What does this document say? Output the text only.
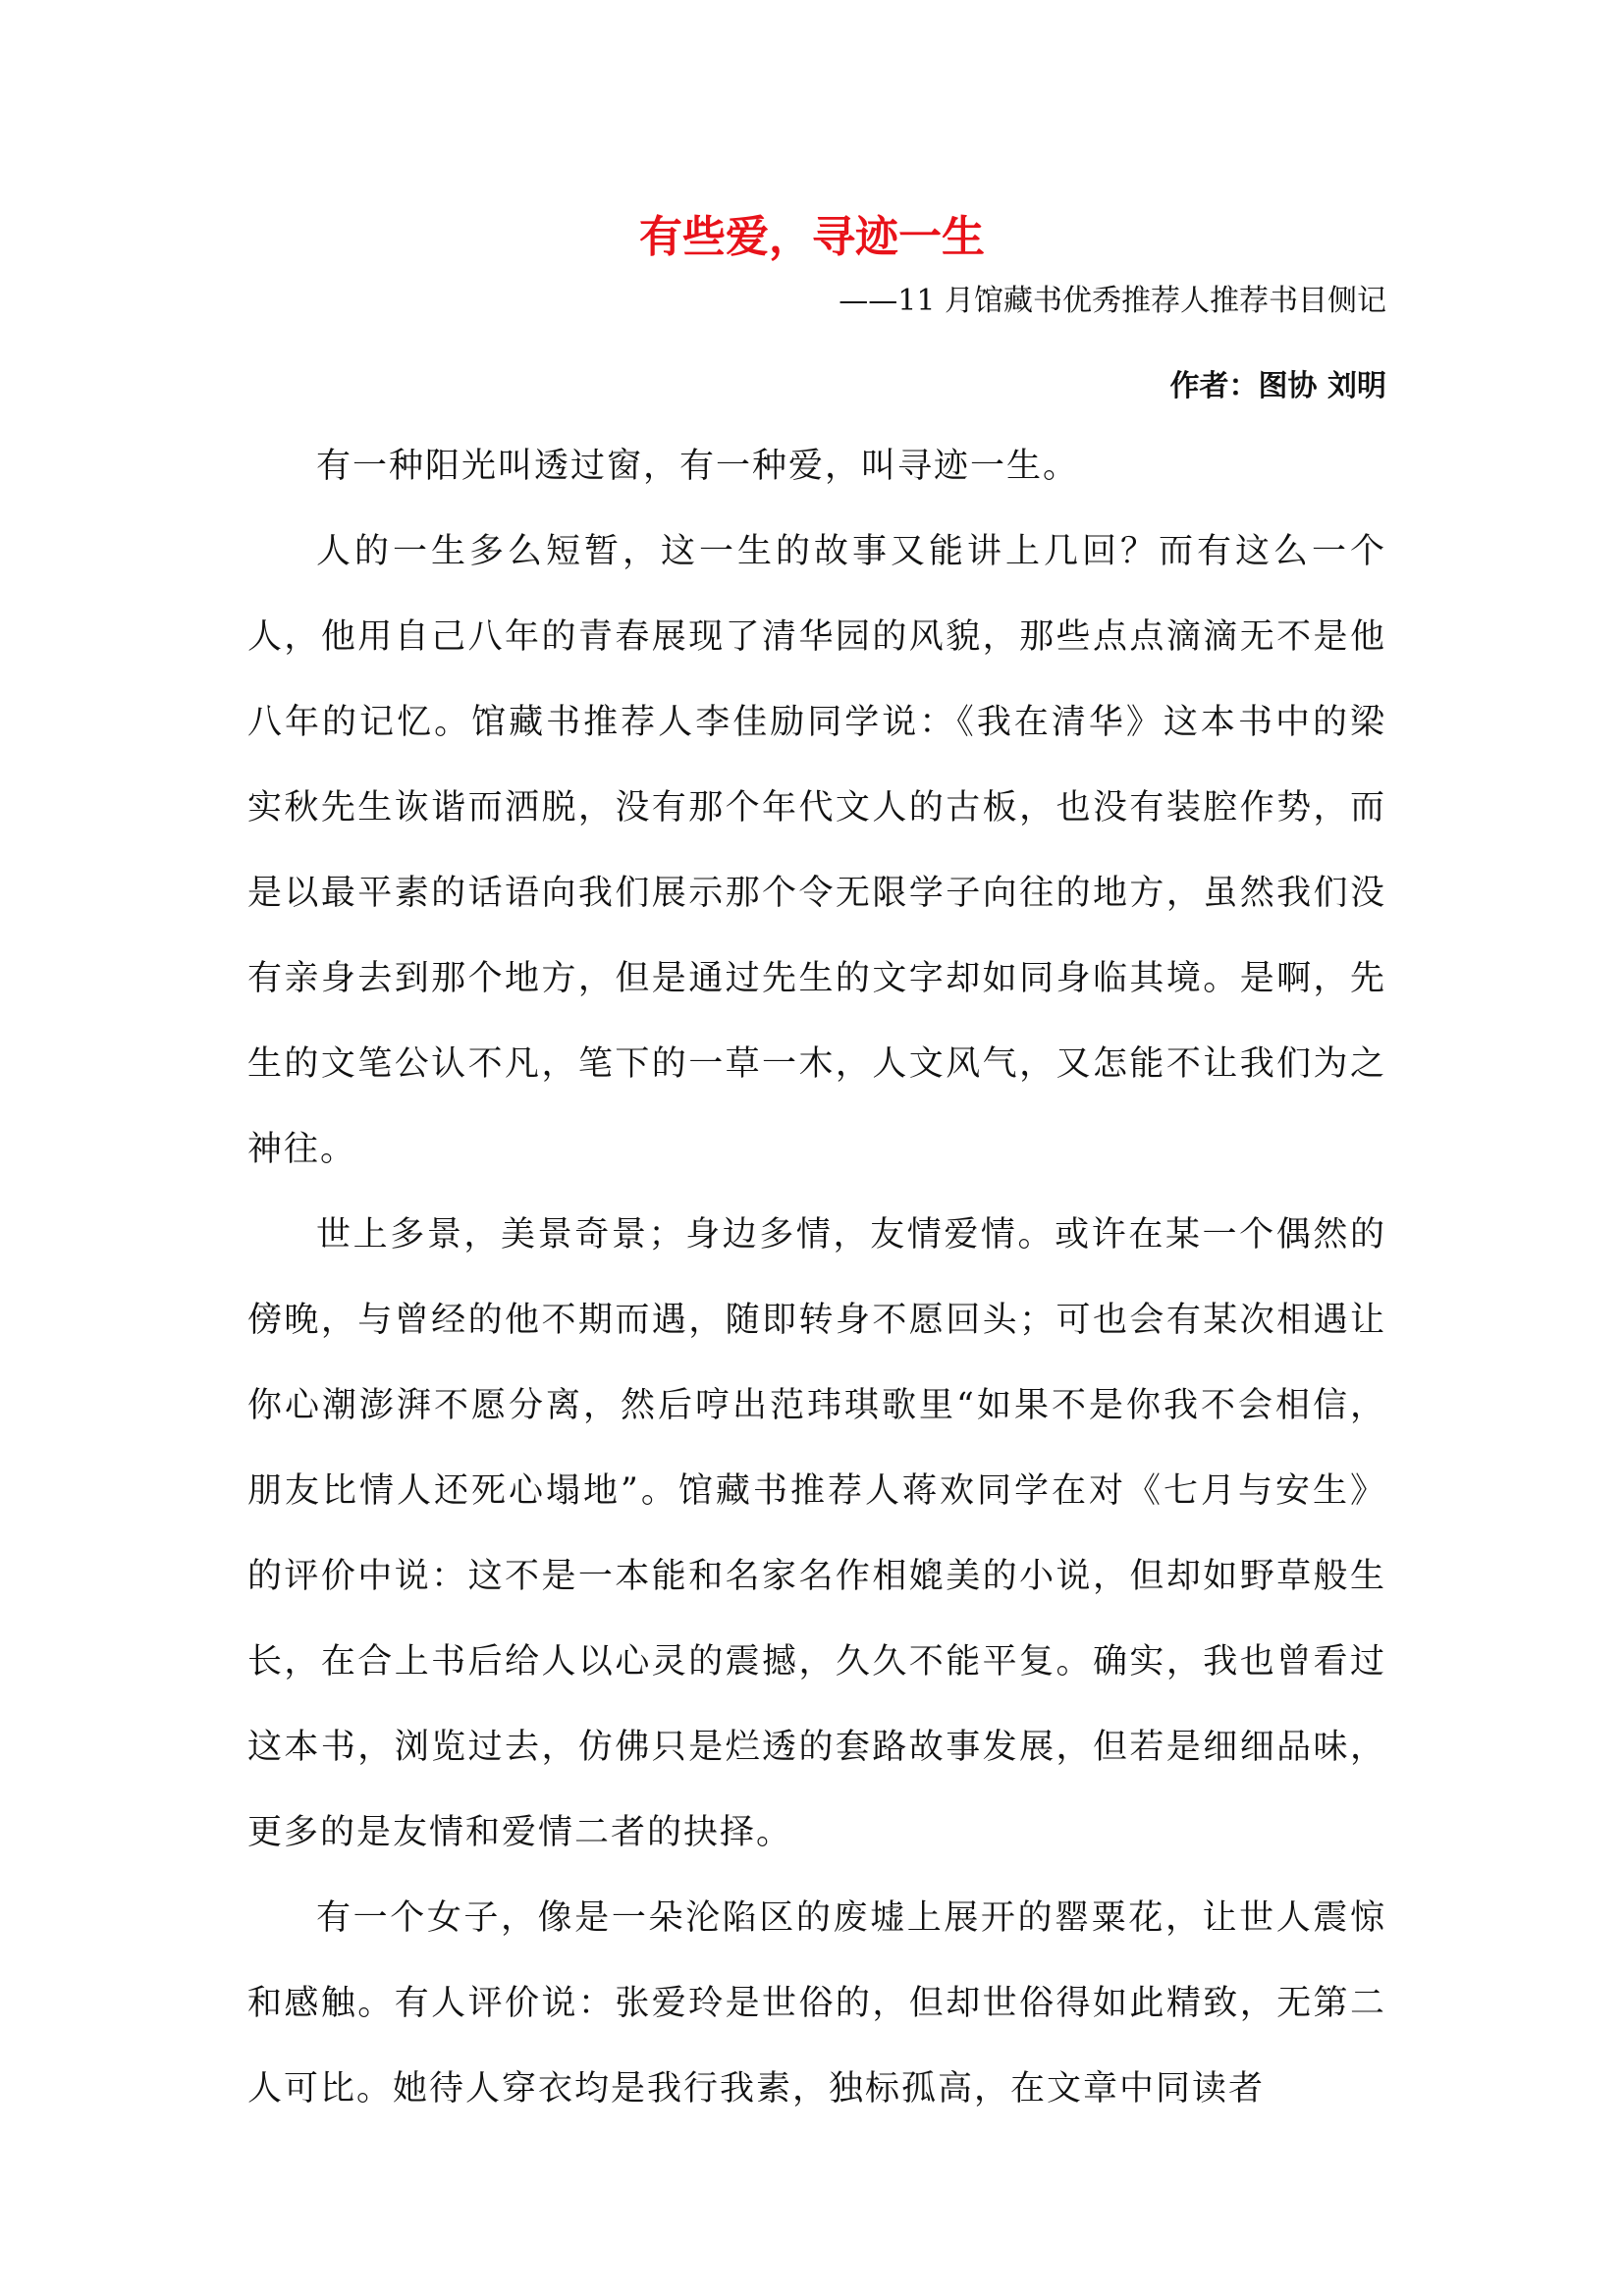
有些爱，寻迹一生
——11 月馆藏书优秀推荐人推荐书目侧记
作者：图协 刘明

有一种阳光叫透过窗，有一种爱，叫寻迹一生。

人的一生多么短暂，这一生的故事又能讲上几回？而有这么一个人，他用自己八年的青春展现了清华园的风貌，那些点点滴滴无不是他八年的记忆。馆藏书推荐人李佳励同学说：《我在清华》这本书中的梁实秋先生诙谐而洒脱，没有那个年代文人的古板，也没有装腔作势，而是以最平素的话语向我们展示那个令无限学子向往的地方，虽然我们没有亲身去到那个地方，但是通过先生的文字却如同身临其境。是啊，先生的文笔公认不凡，笔下的一草一木，人文风气，又怎能不让我们为之神往。

世上多景，美景奇景；身边多情，友情爱情。或许在某一个偶然的傍晚，与曾经的他不期而遇，随即转身不愿回头；可也会有某次相遇让你心潮澎湃不愿分离，然后哼出范玮琪歌里“如果不是你我不会相信，朋友比情人还死心塌地”。馆藏书推荐人蒋欢同学在对《七月与安生》的评价中说：这不是一本能和名家名作相媲美的小说，但却如野草般生长，在合上书后给人以心灵的震撼，久久不能平复。确实，我也曾看过这本书，浏览过去，仿佛只是烂透的套路故事发展，但若是细细品味，更多的是友情和爱情二者的抉择。

有一个女子，像是一朵沦陷区的废墟上展开的罂粟花，让世人震惊和感触。有人评价说：张爱玲是世俗的，但却世俗得如此精致，无第二人可比。她待人穿衣均是我行我素，独标孤高，在文章中同读者
